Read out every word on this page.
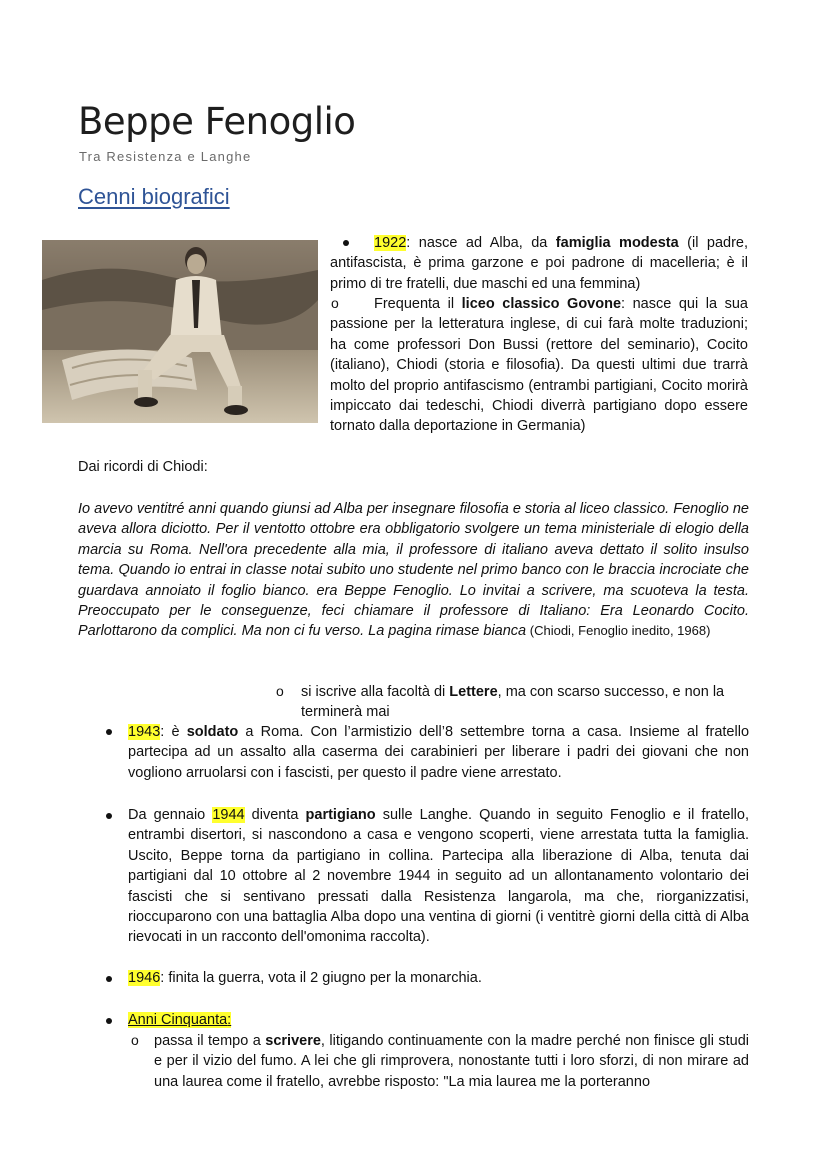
Beppe Fenoglio
Tra Resistenza e Langhe
Cenni biografici
1922: nasce ad Alba, da famiglia modesta (il padre, antifascista, è prima garzone e poi padrone di macelleria; è il primo di tre fratelli, due maschi ed una femmina)
o	Frequenta il liceo classico Govone: nasce qui la sua passione per la letteratura inglese, di cui farà molte traduzioni; ha come professori Don Bussi (rettore del seminario), Cocito (italiano), Chiodi (storia e filosofia). Da questi ultimi due trarrà molto del proprio antifascismo (entrambi partigiani, Cocito morirà impiccato dai tedeschi, Chiodi diverrà partigiano dopo essere tornato dalla deportazione in Germania)
Dai ricordi di Chiodi:
Io avevo ventitré anni quando giunsi ad Alba per insegnare filosofia e storia al liceo classico. Fenoglio ne aveva allora diciotto. Per il ventotto ottobre era obbligatorio svolgere un tema ministeriale di elogio della marcia su Roma. Nell'ora precedente alla mia, il professore di italiano aveva dettato il solito insulso tema. Quando io entrai in classe notai subito uno studente nel primo banco con le braccia incrociate che guardava annoiato il foglio bianco. era Beppe Fenoglio. Lo invitai a scrivere, ma scuoteva la testa. Preoccupato per le conseguenze, feci chiamare il professore di Italiano: Era Leonardo Cocito. Parlottarono da complici. Ma non ci fu verso. La pagina rimase bianca (Chiodi, Fenoglio inedito, 1968)
o si iscrive alla facoltà di Lettere, ma con scarso successo, e non la terminerà mai
1943: è soldato a Roma. Con l’armistizio dell’8 settembre torna a casa. Insieme al fratello partecipa ad un assalto alla caserma dei carabinieri per liberare i padri dei giovani che non vogliono arruolarsi con i fascisti, per questo il padre viene arrestato.
Da gennaio 1944 diventa partigiano sulle Langhe. Quando in seguito Fenoglio e il fratello, entrambi disertori, si nascondono a casa e vengono scoperti, viene arrestata tutta la famiglia. Uscito, Beppe torna da partigiano in collina. Partecipa alla liberazione di Alba, tenuta dai partigiani dal 10 ottobre al 2 novembre 1944 in seguito ad un allontanamento volontario dei fascisti che si sentivano pressati dalla Resistenza langarola, ma che, riorganizzatisi, rioccuparono con una battaglia Alba dopo una ventina di giorni (i ventitrè giorni della città di Alba rievocati in un racconto dell'omonima raccolta).
1946: finita la guerra, vota il 2 giugno per la monarchia.
Anni Cinquanta:
o passa il tempo a scrivere, litigando continuamente con la madre perché non finisce gli studi e per il vizio del fumo. A lei che gli rimprovera, nonostante tutti i loro sforzi, di non mirare ad una laurea come il fratello, avrebbe risposto: "La mia laurea me la porteranno
